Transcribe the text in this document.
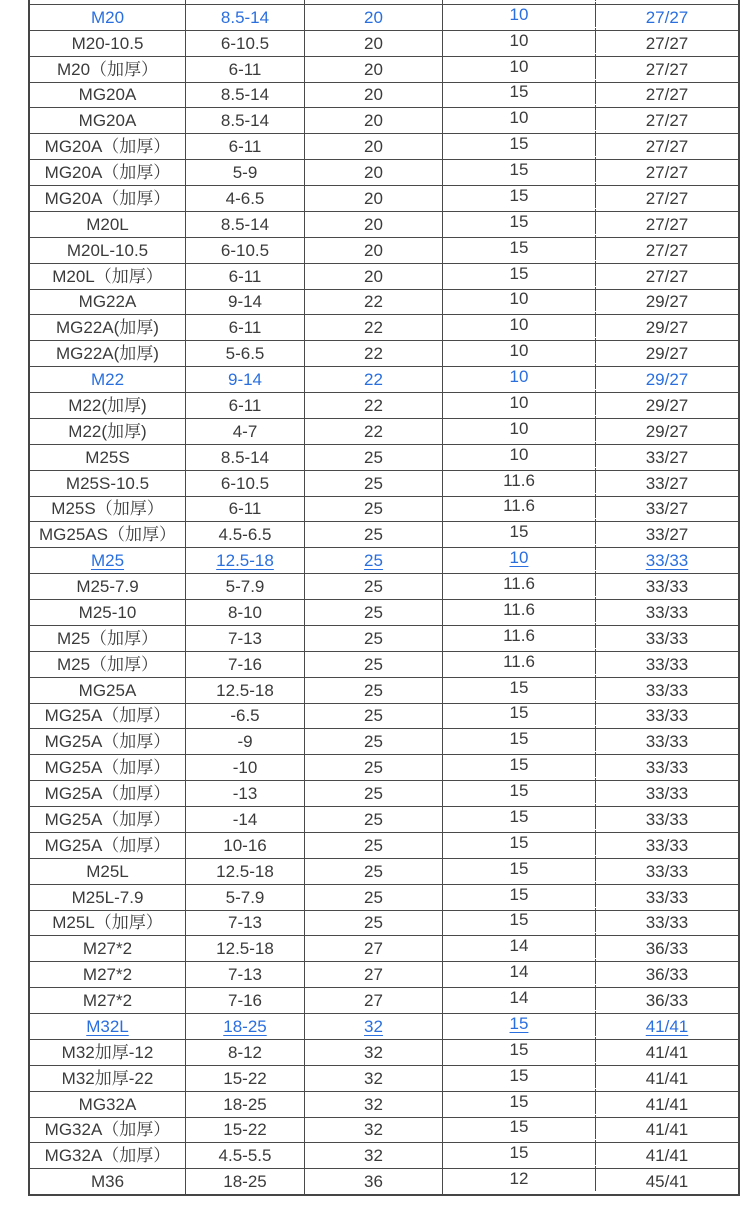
M20	8.5-14	20	10	27/27
M20-10.5	6-10.5	20	10	27/27
M20（加厚）	6-11	20	10	27/27
MG20A	8.5-14	20	15	27/27
MG20A	8.5-14	20	10	27/27
MG20A（加厚）	6-11	20	15	27/27
MG20A（加厚）	5-9	20	15	27/27
MG20A（加厚）	4-6.5	20	15	27/27
M20L	8.5-14	20	15	27/27
M20L-10.5	6-10.5	20	15	27/27
M20L（加厚）	6-11	20	15	27/27
MG22A	9-14	22	10	29/27
MG22A(加厚)	6-11	22	10	29/27
MG22A(加厚)	5-6.5	22	10	29/27
M22	9-14	22	10	29/27
M22(加厚)	6-11	22	10	29/27
M22(加厚)	4-7	22	10	29/27
M25S	8.5-14	25	10	33/27
M25S-10.5	6-10.5	25	11.6	33/27
M25S（加厚）	6-11	25	11.6	33/27
MG25AS（加厚）	4.5-6.5	25	15	33/27
M25	12.5-18	25	10	33/33
M25-7.9	5-7.9	25	11.6	33/33
M25-10	8-10	25	11.6	33/33
M25（加厚）	7-13	25	11.6	33/33
M25（加厚）	7-16	25	11.6	33/33
MG25A	12.5-18	25	15	33/33
MG25A（加厚）	-6.5	25	15	33/33
MG25A（加厚）	-9	25	15	33/33
MG25A（加厚）	-10	25	15	33/33
MG25A（加厚）	-13	25	15	33/33
MG25A（加厚）	-14	25	15	33/33
MG25A（加厚）	10-16	25	15	33/33
M25L	12.5-18	25	15	33/33
M25L-7.9	5-7.9	25	15	33/33
M25L（加厚）	7-13	25	15	33/33
M27*2	12.5-18	27	14	36/33
M27*2	7-13	27	14	36/33
M27*2	7-16	27	14	36/33
M32L	18-25	32	15	41/41
M32加厚-12	8-12	32	15	41/41
M32加厚-22	15-22	32	15	41/41
MG32A	18-25	32	15	41/41
MG32A（加厚）	15-22	32	15	41/41
MG32A（加厚）	4.5-5.5	32	15	41/41
M36	18-25	36	12	45/41
